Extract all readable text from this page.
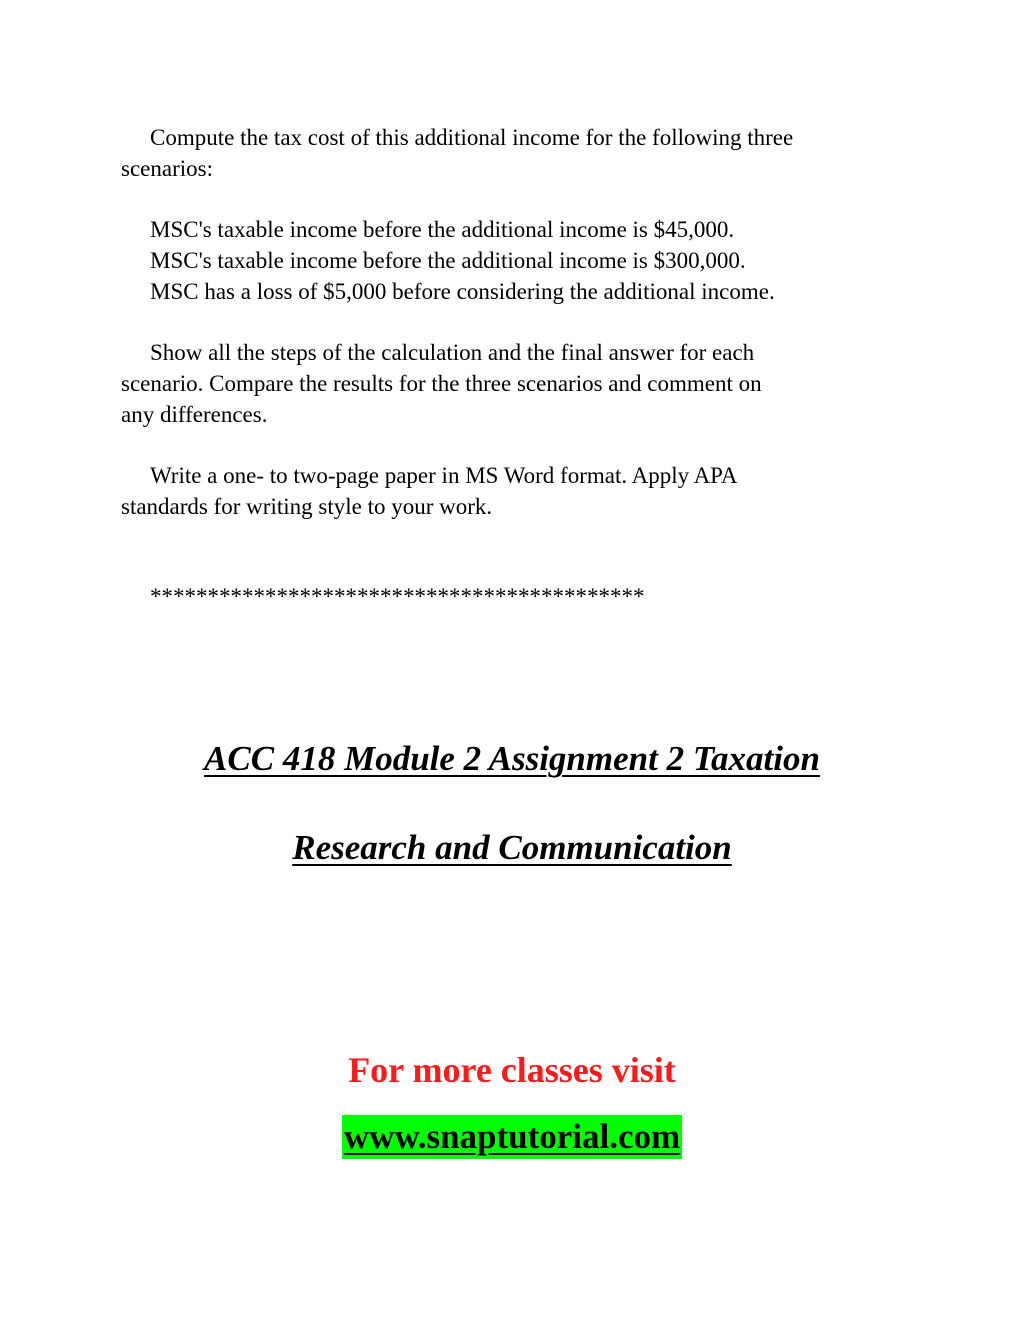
Compute the tax cost of this additional income for the following three
scenarios:
MSC's taxable income before the additional income is $45,000.
MSC's taxable income before the additional income is $300,000.
MSC has a loss of $5,000 before considering the additional income.
Show all the steps of the calculation and the final answer for each
scenario. Compare the results for the three scenarios and comment on
any differences.
Write a one- to two-page paper in MS Word format. Apply APA
standards for writing style to your work.

*******************************************

ACC 418 Module 2 Assignment 2 Taxation

Research and Communication

For more classes visit

www.snaptutorial.com
